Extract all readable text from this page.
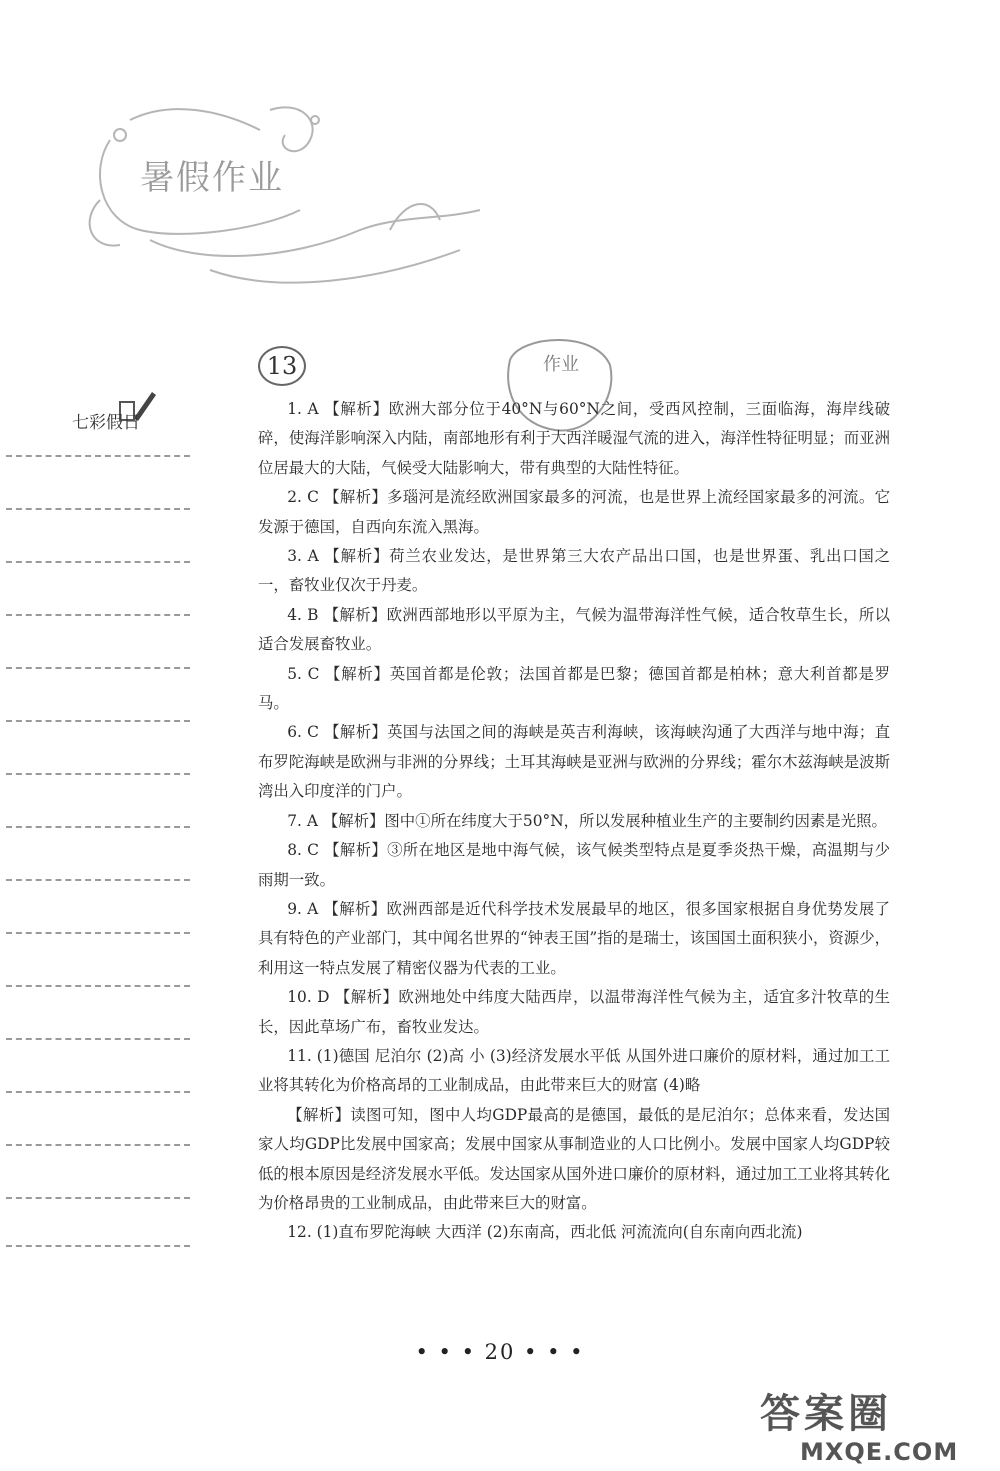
暑假作业
七彩假日
13	作业

1. A 【解析】欧洲大部分位于40°N与60°N之间，受西风控制，三面临海，海岸线破碎，使海洋影响深入内陆，南部地形有利于大西洋暖湿气流的进入，海洋性特征明显；而亚洲位居最大的大陆，气候受大陆影响大，带有典型的大陆性特征。

2. C 【解析】多瑙河是流经欧洲国家最多的河流，也是世界上流经国家最多的河流。它发源于德国，自西向东流入黑海。

3. A 【解析】荷兰农业发达，是世界第三大农产品出口国，也是世界蛋、乳出口国之一，畜牧业仅次于丹麦。

4. B 【解析】欧洲西部地形以平原为主，气候为温带海洋性气候，适合牧草生长，所以适合发展畜牧业。

5. C 【解析】英国首都是伦敦；法国首都是巴黎；德国首都是柏林；意大利首都是罗马。

6. C 【解析】英国与法国之间的海峡是英吉利海峡，该海峡沟通了大西洋与地中海；直布罗陀海峡是欧洲与非洲的分界线；土耳其海峡是亚洲与欧洲的分界线；霍尔木兹海峡是波斯湾出入印度洋的门户。

7. A 【解析】图中①所在纬度大于50°N，所以发展种植业生产的主要制约因素是光照。

8. C 【解析】③所在地区是地中海气候，该气候类型特点是夏季炎热干燥，高温期与少雨期一致。

9. A 【解析】欧洲西部是近代科学技术发展最早的地区，很多国家根据自身优势发展了具有特色的产业部门，其中闻名世界的“钟表王国”指的是瑞士，该国国土面积狭小，资源少，利用这一特点发展了精密仪器为代表的工业。

10. D 【解析】欧洲地处中纬度大陆西岸，以温带海洋性气候为主，适宜多汁牧草的生长，因此草场广布，畜牧业发达。

11. (1)德国 尼泊尔 (2)高 小 (3)经济发展水平低 从国外进口廉价的原材料，通过加工工业将其转化为价格高昂的工业制成品，由此带来巨大的财富 (4)略

【解析】读图可知，图中人均GDP最高的是德国，最低的是尼泊尔；总体来看，发达国家人均GDP比发展中国家高；发展中国家从事制造业的人口比例小。发展中国家人均GDP较低的根本原因是经济发展水平低。发达国家从国外进口廉价的原材料，通过加工工业将其转化为价格昂贵的工业制成品，由此带来巨大的财富。

12. (1)直布罗陀海峡 大西洋 (2)东南高，西北低 河流流向(自东南向西北流)

• • • 20 • • •
答案圈
MXQE.COM
